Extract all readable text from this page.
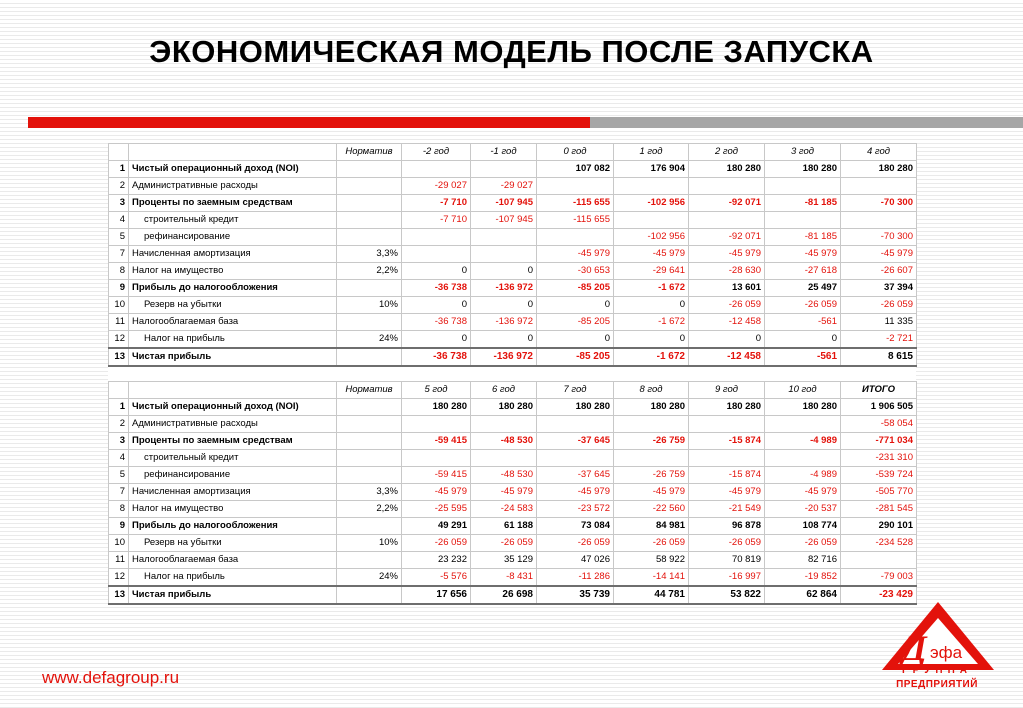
ЭКОНОМИЧЕСКАЯ МОДЕЛЬ ПОСЛЕ ЗАПУСКА
		Норматив	-2 год	-1 год	0 год	1 год	2 год	3 год	4 год
1	Чистый операционный доход (NOI)				107 082	176 904	180 280	180 280	180 280
2	Административные расходы		-29 027	-29 027					
3	Проценты по заемным средствам		-7 710	-107 945	-115 655	-102 956	-92 071	-81 185	-70 300
4	строительный кредит		-7 710	-107 945	-115 655				
5	рефинансирование					-102 956	-92 071	-81 185	-70 300
7	Начисленная амортизация	3,3%			-45 979	-45 979	-45 979	-45 979	-45 979
8	Налог на имущество	2,2%	0	0	-30 653	-29 641	-28 630	-27 618	-26 607
9	Прибыль до налогообложения		-36 738	-136 972	-85 205	-1 672	13 601	25 497	37 394
10	Резерв на убытки	10%	0	0	0	0	-26 059	-26 059	-26 059
11	Налогооблагаемая база		-36 738	-136 972	-85 205	-1 672	-12 458	-561	11 335
12	Налог на прибыль	24%	0	0	0	0	0	0	-2 721
13	Чистая прибыль		-36 738	-136 972	-85 205	-1 672	-12 458	-561	8 615

		Норматив	5 год	6 год	7 год	8 год	9 год	10 год	ИТОГО
1	Чистый операционный доход (NOI)		180 280	180 280	180 280	180 280	180 280	180 280	1 906 505
2	Административные расходы								-58 054
3	Проценты по заемным средствам		-59 415	-48 530	-37 645	-26 759	-15 874	-4 989	-771 034
4	строительный кредит								-231 310
5	рефинансирование		-59 415	-48 530	-37 645	-26 759	-15 874	-4 989	-539 724
7	Начисленная амортизация	3,3%	-45 979	-45 979	-45 979	-45 979	-45 979	-45 979	-505 770
8	Налог на имущество	2,2%	-25 595	-24 583	-23 572	-22 560	-21 549	-20 537	-281 545
9	Прибыль до налогообложения		49 291	61 188	73 084	84 981	96 878	108 774	290 101
10	Резерв на убытки	10%	-26 059	-26 059	-26 059	-26 059	-26 059	-26 059	-234 528
11	Налогооблагаемая база		23 232	35 129	47 026	58 922	70 819	82 716	
12	Налог на прибыль	24%	-5 576	-8 431	-11 286	-14 141	-16 997	-19 852	-79 003
13	Чистая прибыль		17 656	26 698	35 739	44 781	53 822	62 864	-23 429
www.defagroup.ru
Д эфа
ГРУППА
ПРЕДПРИЯТИЙ
